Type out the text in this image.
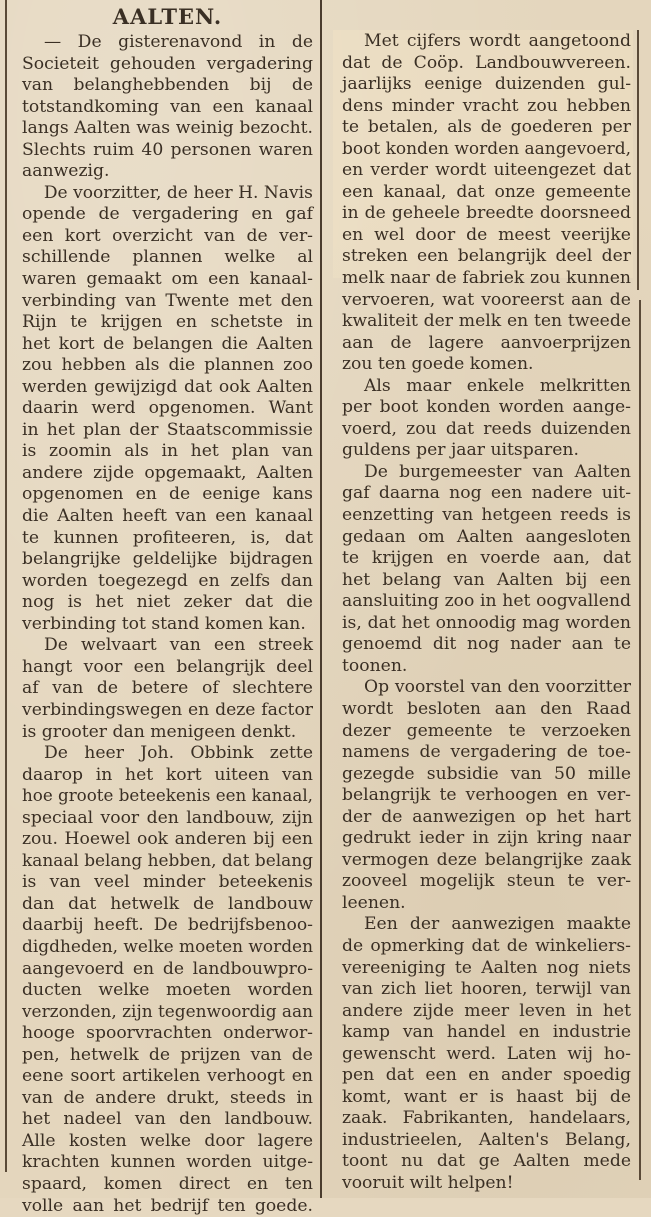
AALTEN.
— De gisterenavond in de
Societeit gehouden vergadering
van belanghebbenden bij de
totstandkoming van een kanaal
langs Aalten was weinig bezocht.
Slechts ruim 40 personen waren
aanwezig.
De voorzitter, de heer H. Navis
opende de vergadering en gaf
een kort overzicht van de ver-
schillende plannen welke al
waren gemaakt om een kanaal-
verbinding van Twente met den
Rijn te krijgen en schetste in
het kort de belangen die Aalten
zou hebben als die plannen zoo
werden gewijzigd dat ook Aalten
daarin werd opgenomen. Want
in het plan der Staatscommissie
is zoomin als in het plan van
andere zijde opgemaakt, Aalten
opgenomen en de eenige kans
die Aalten heeft van een kanaal
te kunnen profiteeren, is, dat
belangrijke geldelijke bijdragen
worden toegezegd en zelfs dan
nog is het niet zeker dat die
verbinding tot stand komen kan.
De welvaart van een streek
hangt voor een belangrijk deel
af van de betere of slechtere
verbindingswegen en deze factor
is grooter dan menigeen denkt.
De heer Joh. Obbink zette
daarop in het kort uiteen van
hoe groote beteekenis een kanaal,
speciaal voor den landbouw, zijn
zou. Hoewel ook anderen bij een
kanaal belang hebben, dat belang
is van veel minder beteekenis
dan dat hetwelk de landbouw
daarbij heeft. De bedrijfsbenoo-
digdheden, welke moeten worden
aangevoerd en de landbouwpro-
ducten welke moeten worden
verzonden, zijn tegenwoordig aan
hooge spoorvrachten onderwor-
pen, hetwelk de prijzen van de
eene soort artikelen verhoogt en
van de andere drukt, steeds in
het nadeel van den landbouw.
Alle kosten welke door lagere
krachten kunnen worden uitge-
spaard, komen direct en ten
volle aan het bedrijf ten goede.
Met cijfers wordt aangetoond
dat de Coöp. Landbouwvereen.
jaarlijks eenige duizenden gul-
dens minder vracht zou hebben
te betalen, als de goederen per
boot konden worden aangevoerd,
en verder wordt uiteengezet dat
een kanaal, dat onze gemeente
in de geheele breedte doorsneed
en wel door de meest veerijke
streken een belangrijk deel der
melk naar de fabriek zou kunnen
vervoeren, wat vooreerst aan de
kwaliteit der melk en ten tweede
aan de lagere aanvoerprijzen
zou ten goede komen.
Als maar enkele melkritten
per boot konden worden aange-
voerd, zou dat reeds duizenden
guldens per jaar uitsparen.
De burgemeester van Aalten
gaf daarna nog een nadere uit-
eenzetting van hetgeen reeds is
gedaan om Aalten aangesloten
te krijgen en voerde aan, dat
het belang van Aalten bij een
aansluiting zoo in het oogvallend
is, dat het onnoodig mag worden
genoemd dit nog nader aan te
toonen.
Op voorstel van den voorzitter
wordt besloten aan den Raad
dezer gemeente te verzoeken
namens de vergadering de toe-
gezegde subsidie van 50 mille
belangrijk te verhoogen en ver-
der de aanwezigen op het hart
gedrukt ieder in zijn kring naar
vermogen deze belangrijke zaak
zooveel mogelijk steun te ver-
leenen.
Een der aanwezigen maakte
de opmerking dat de winkeliers-
vereeniging te Aalten nog niets
van zich liet hooren, terwijl van
andere zijde meer leven in het
kamp van handel en industrie
gewenscht werd. Laten wij ho-
pen dat een en ander spoedig
komt, want er is haast bij de
zaak. Fabrikanten, handelaars,
industrieelen, Aalten's Belang,
toont nu dat ge Aalten mede
vooruit wilt helpen!
